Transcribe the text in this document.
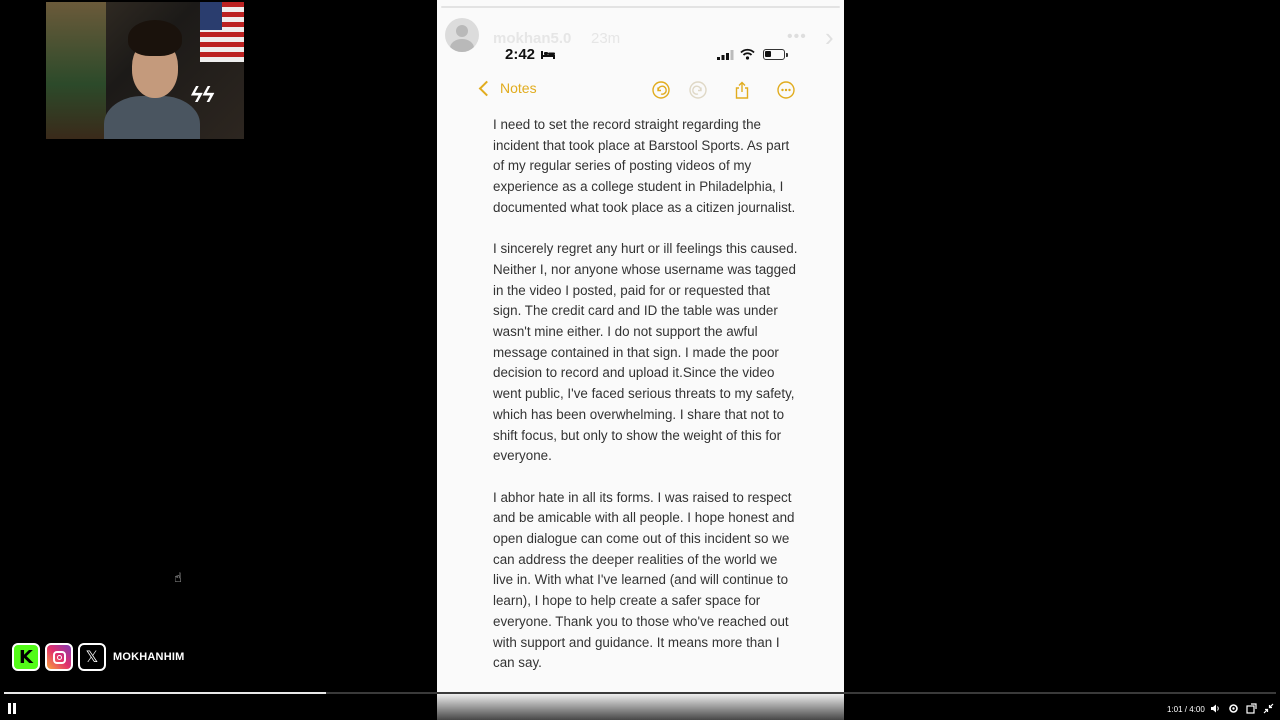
ϟϟ
mokhan5.0 23m	••• ›
2:42
Notes

I need to set the record straight regarding the incident that took place at Barstool Sports. As part of my regular series of posting videos of my experience as a college student in Philadelphia, I documented what took place as a citizen journalist.

I sincerely regret any hurt or ill feelings this caused. Neither I, nor anyone whose username was tagged in the video I posted, paid for or requested that sign. The credit card and ID the table was under wasn't mine either. I do not support the awful message contained in that sign. I made the poor decision to record and upload it.Since the video went public, I've faced serious threats to my safety, which has been overwhelming. I share that not to shift focus, but only to show the weight of this for everyone.

I abhor hate in all its forms. I was raised to respect and be amicable with all people. I hope honest and open dialogue can come out of this incident so we can address the deeper realities of the world we live in. With what I've learned (and will continue to learn), I hope to help create a safer space for everyone. Thank you to those who've reached out with support and guidance. It means more than I can say.

K	𝕏	MOKHANHIM
☝
1:01 / 4:00
